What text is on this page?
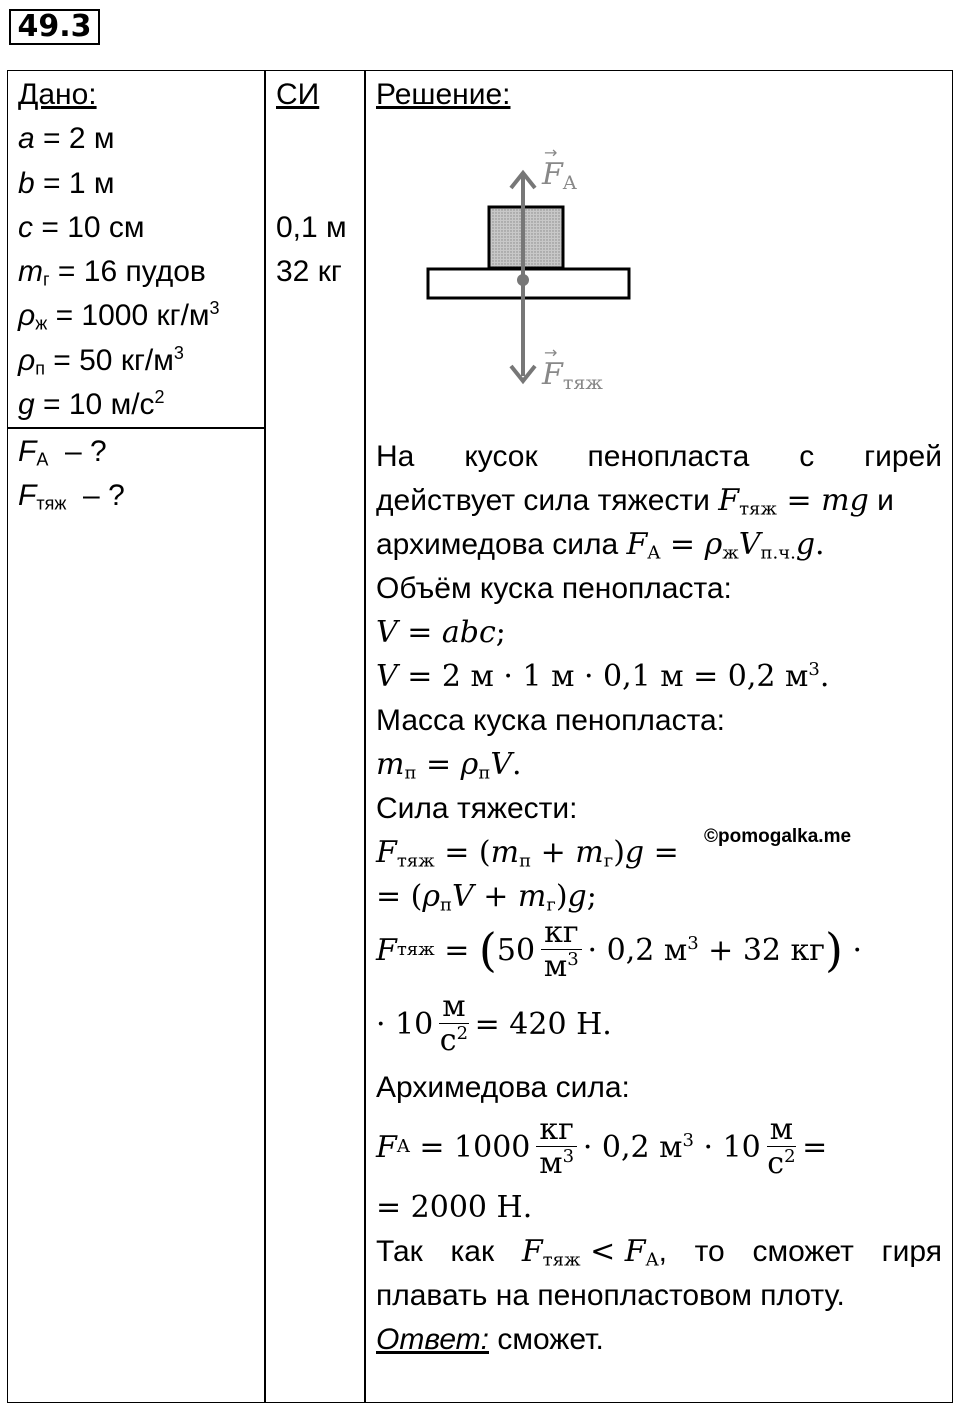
49.3
Дано:
a = 2 м
b = 1 м
c = 10 см
$m_г = 16$ пудов
$\rho_ж = 1000$ $кг/м^3$
$\rho_п = 50$ $кг/м^3$
g = 10 $м/с^2$
$F_A$  – ?
$F_{тяж}$  – ?
СИ
0,1 м
32 кг
Решение:
FA
→
Fтяж
→
На кусок пенопласта с гирей
действует сила тяжести $F_{тяж}$ = mg и
архимедова сила $F_A = \rho_жV_{п.ч.}g$.
Объём куска пенопласта:
V = abc;
V = 2 м · 1 м · 0,1 м = 0,2 $м^3$.
Масса куска пенопласта:
$m_п = \rho_пV$.
Сила тяжести:
$F_{тяж} = (m_п + m_г)g$ =
= $(\rho_пV + m_г)g$;
©pomogalka.me
F тяж = ( $50 \frac{кг}{м^3} \cdot 0,2$ $м^3 + 32$ кг ) ·
· $10 \frac{м}{с^2} = 420$ Н.
Архимедова сила:
F $A = 1000 \frac{кг}{м^3} \cdot 0,2$ $м^3 \cdot 10 \frac{м}{с^2}$ =
= 2000 Н.
Так как $F_{тяж} < F_A$, то сможет гиря
плавать на пенопластовом плоту.
Ответ: сможет.
